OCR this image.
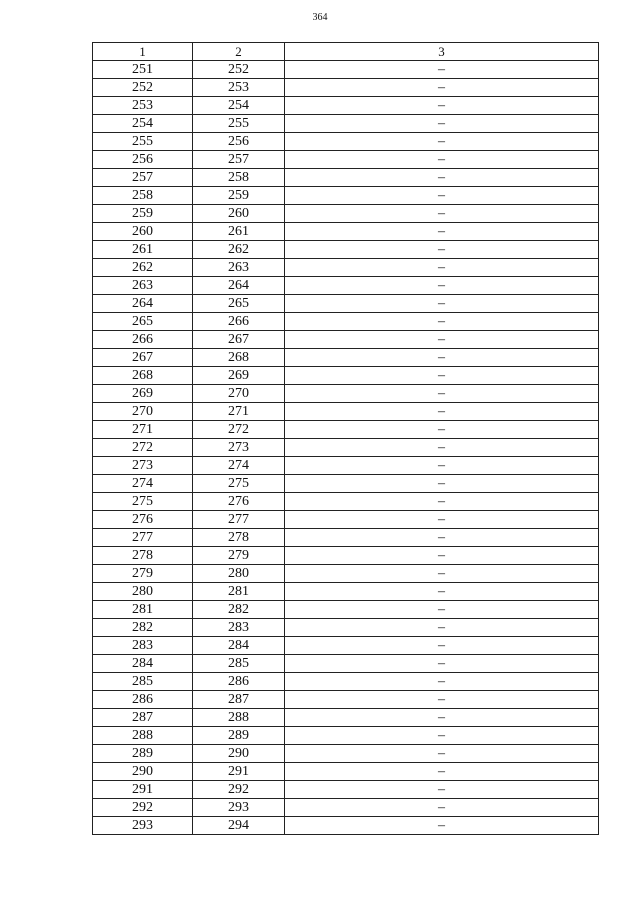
364
1	2	3
251	252	–
252	253	–
253	254	–
254	255	–
255	256	–
256	257	–
257	258	–
258	259	–
259	260	–
260	261	–
261	262	–
262	263	–
263	264	–
264	265	–
265	266	–
266	267	–
267	268	–
268	269	–
269	270	–
270	271	–
271	272	–
272	273	–
273	274	–
274	275	–
275	276	–
276	277	–
277	278	–
278	279	–
279	280	–
280	281	–
281	282	–
282	283	–
283	284	–
284	285	–
285	286	–
286	287	–
287	288	–
288	289	–
289	290	–
290	291	–
291	292	–
292	293	–
293	294	–
